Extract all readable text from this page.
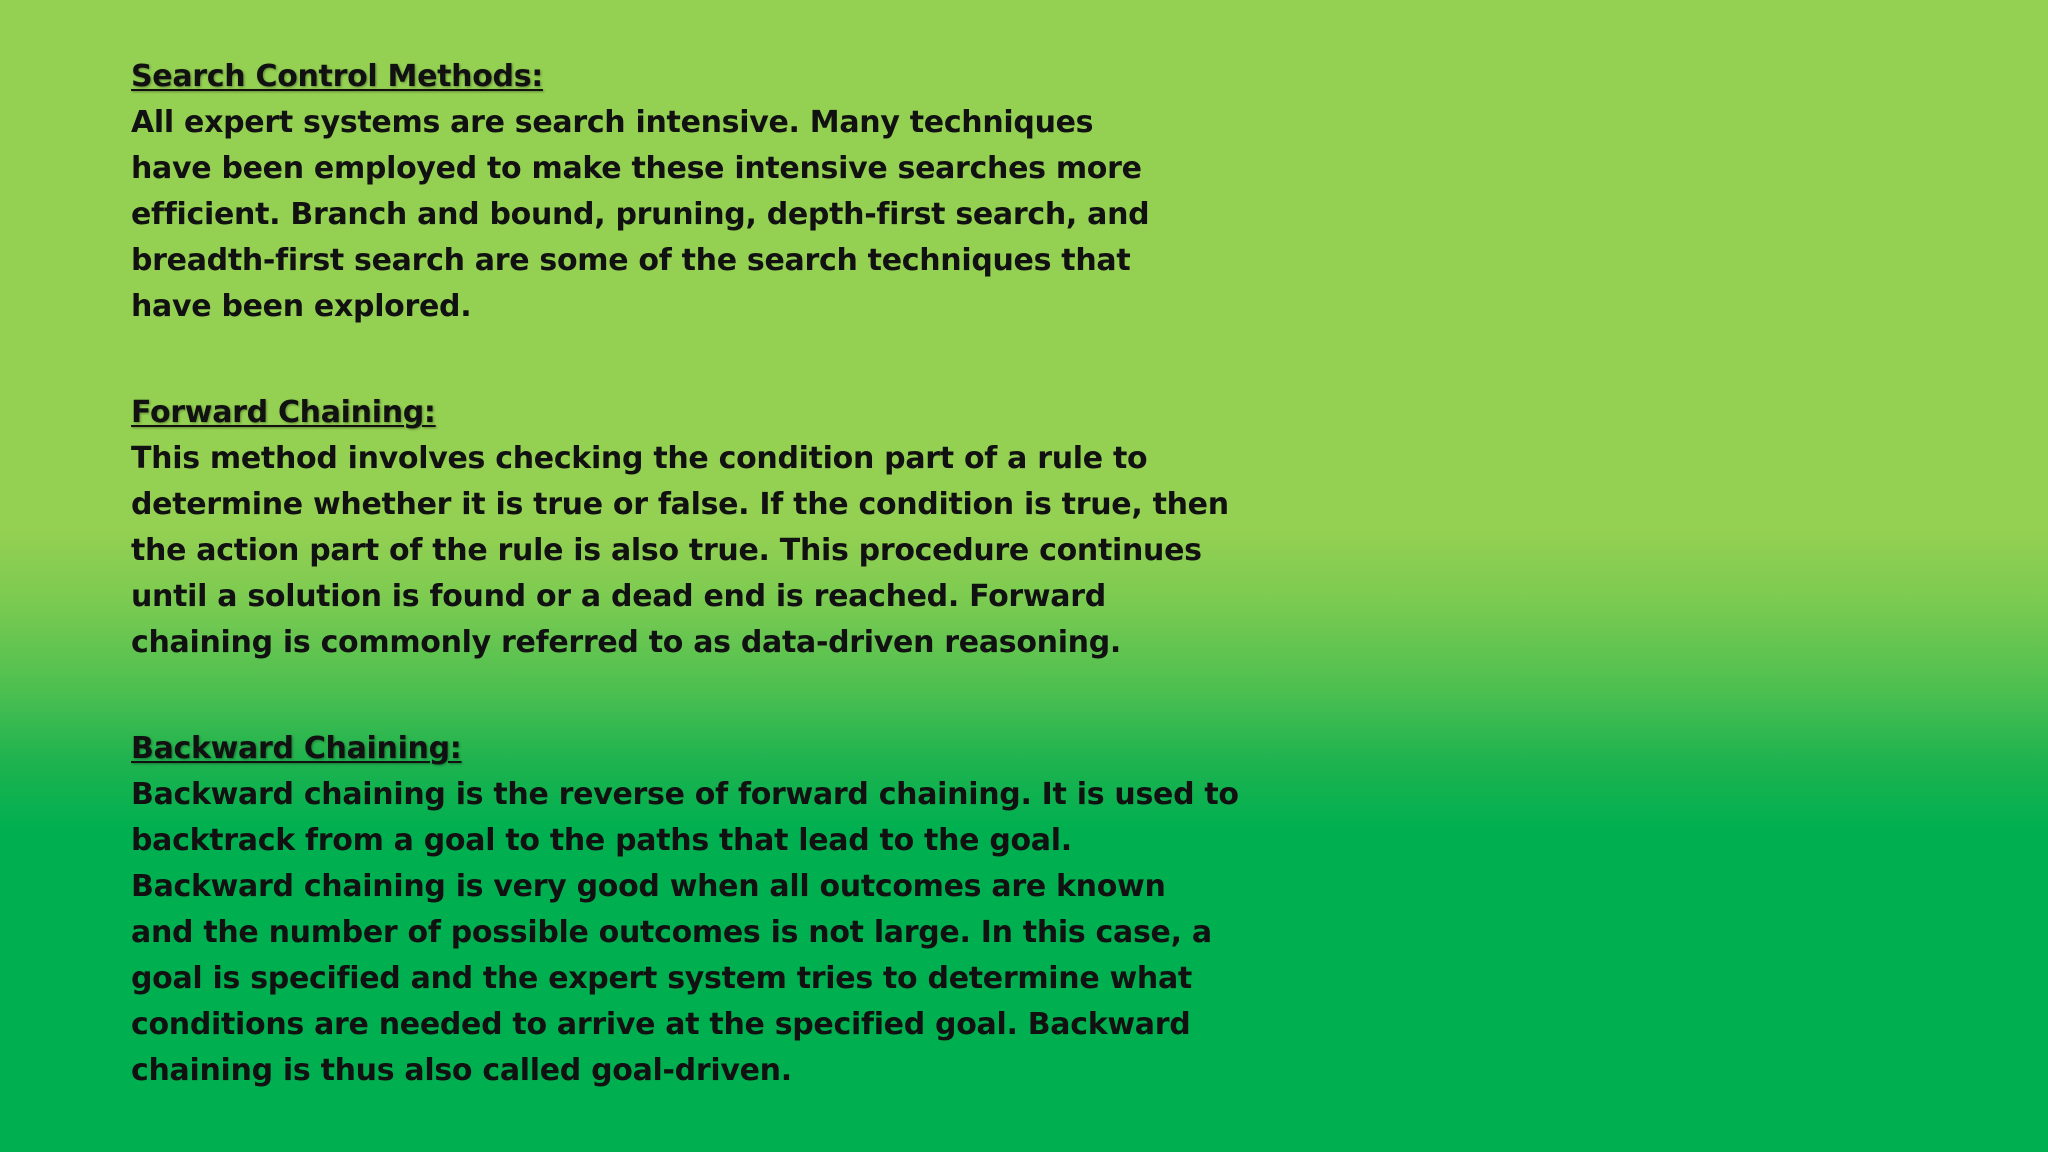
Search Control Methods:
All expert systems are search intensive. Many techniques
have been employed to make these intensive searches more
efficient. Branch and bound, pruning, depth-first search, and
breadth-first search are some of the search techniques that
have been explored.
Forward Chaining:
This method involves checking the condition part of a rule to
determine whether it is true or false. If the condition is true, then
the action part of the rule is also true. This procedure continues
until a solution is found or a dead end is reached. Forward
chaining is commonly referred to as data-driven reasoning.
Backward Chaining:
Backward chaining is the reverse of forward chaining. It is used to
backtrack from a goal to the paths that lead to the goal.
Backward chaining is very good when all outcomes are known
and the number of possible outcomes is not large. In this case, a
goal is specified and the expert system tries to determine what
conditions are needed to arrive at the specified goal. Backward
chaining is thus also called goal-driven.
